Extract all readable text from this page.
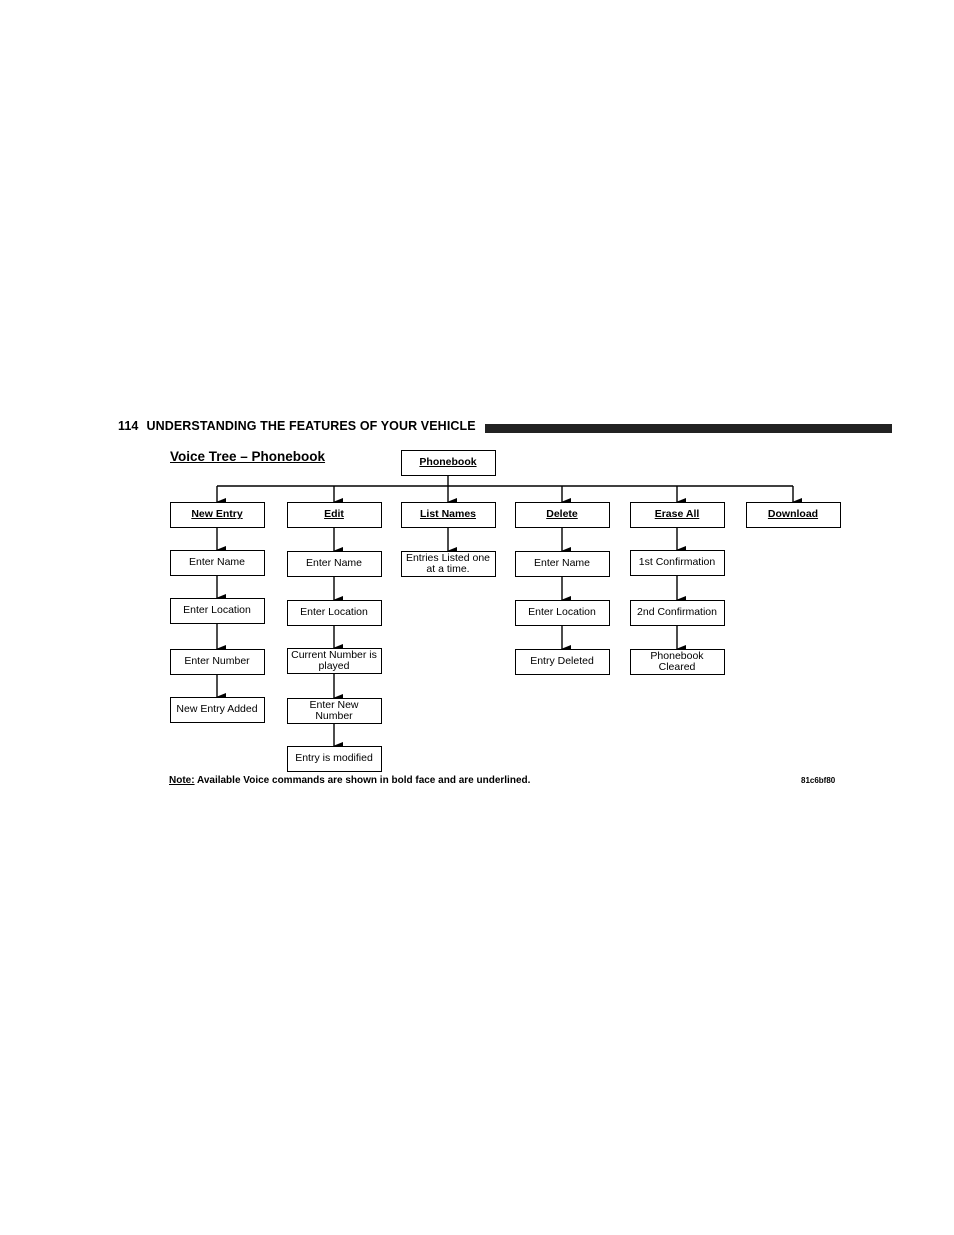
114 UNDERSTANDING THE FEATURES OF YOUR VEHICLE
Voice Tree – Phonebook	Phonebook
New Entry
Enter Name
Enter Location
Enter Number
New Entry Added
Edit
Enter Name
Enter Location
Current Number is played
Enter New Number
Entry is modified
List Names
Entries Listed one at a time.
Delete
Enter Name
Enter Location
Entry Deleted
Erase All
1st Confirmation
2nd Confirmation
Phonebook Cleared
Download
Note: Available Voice commands are shown in bold face and are underlined.	81c6bf80
